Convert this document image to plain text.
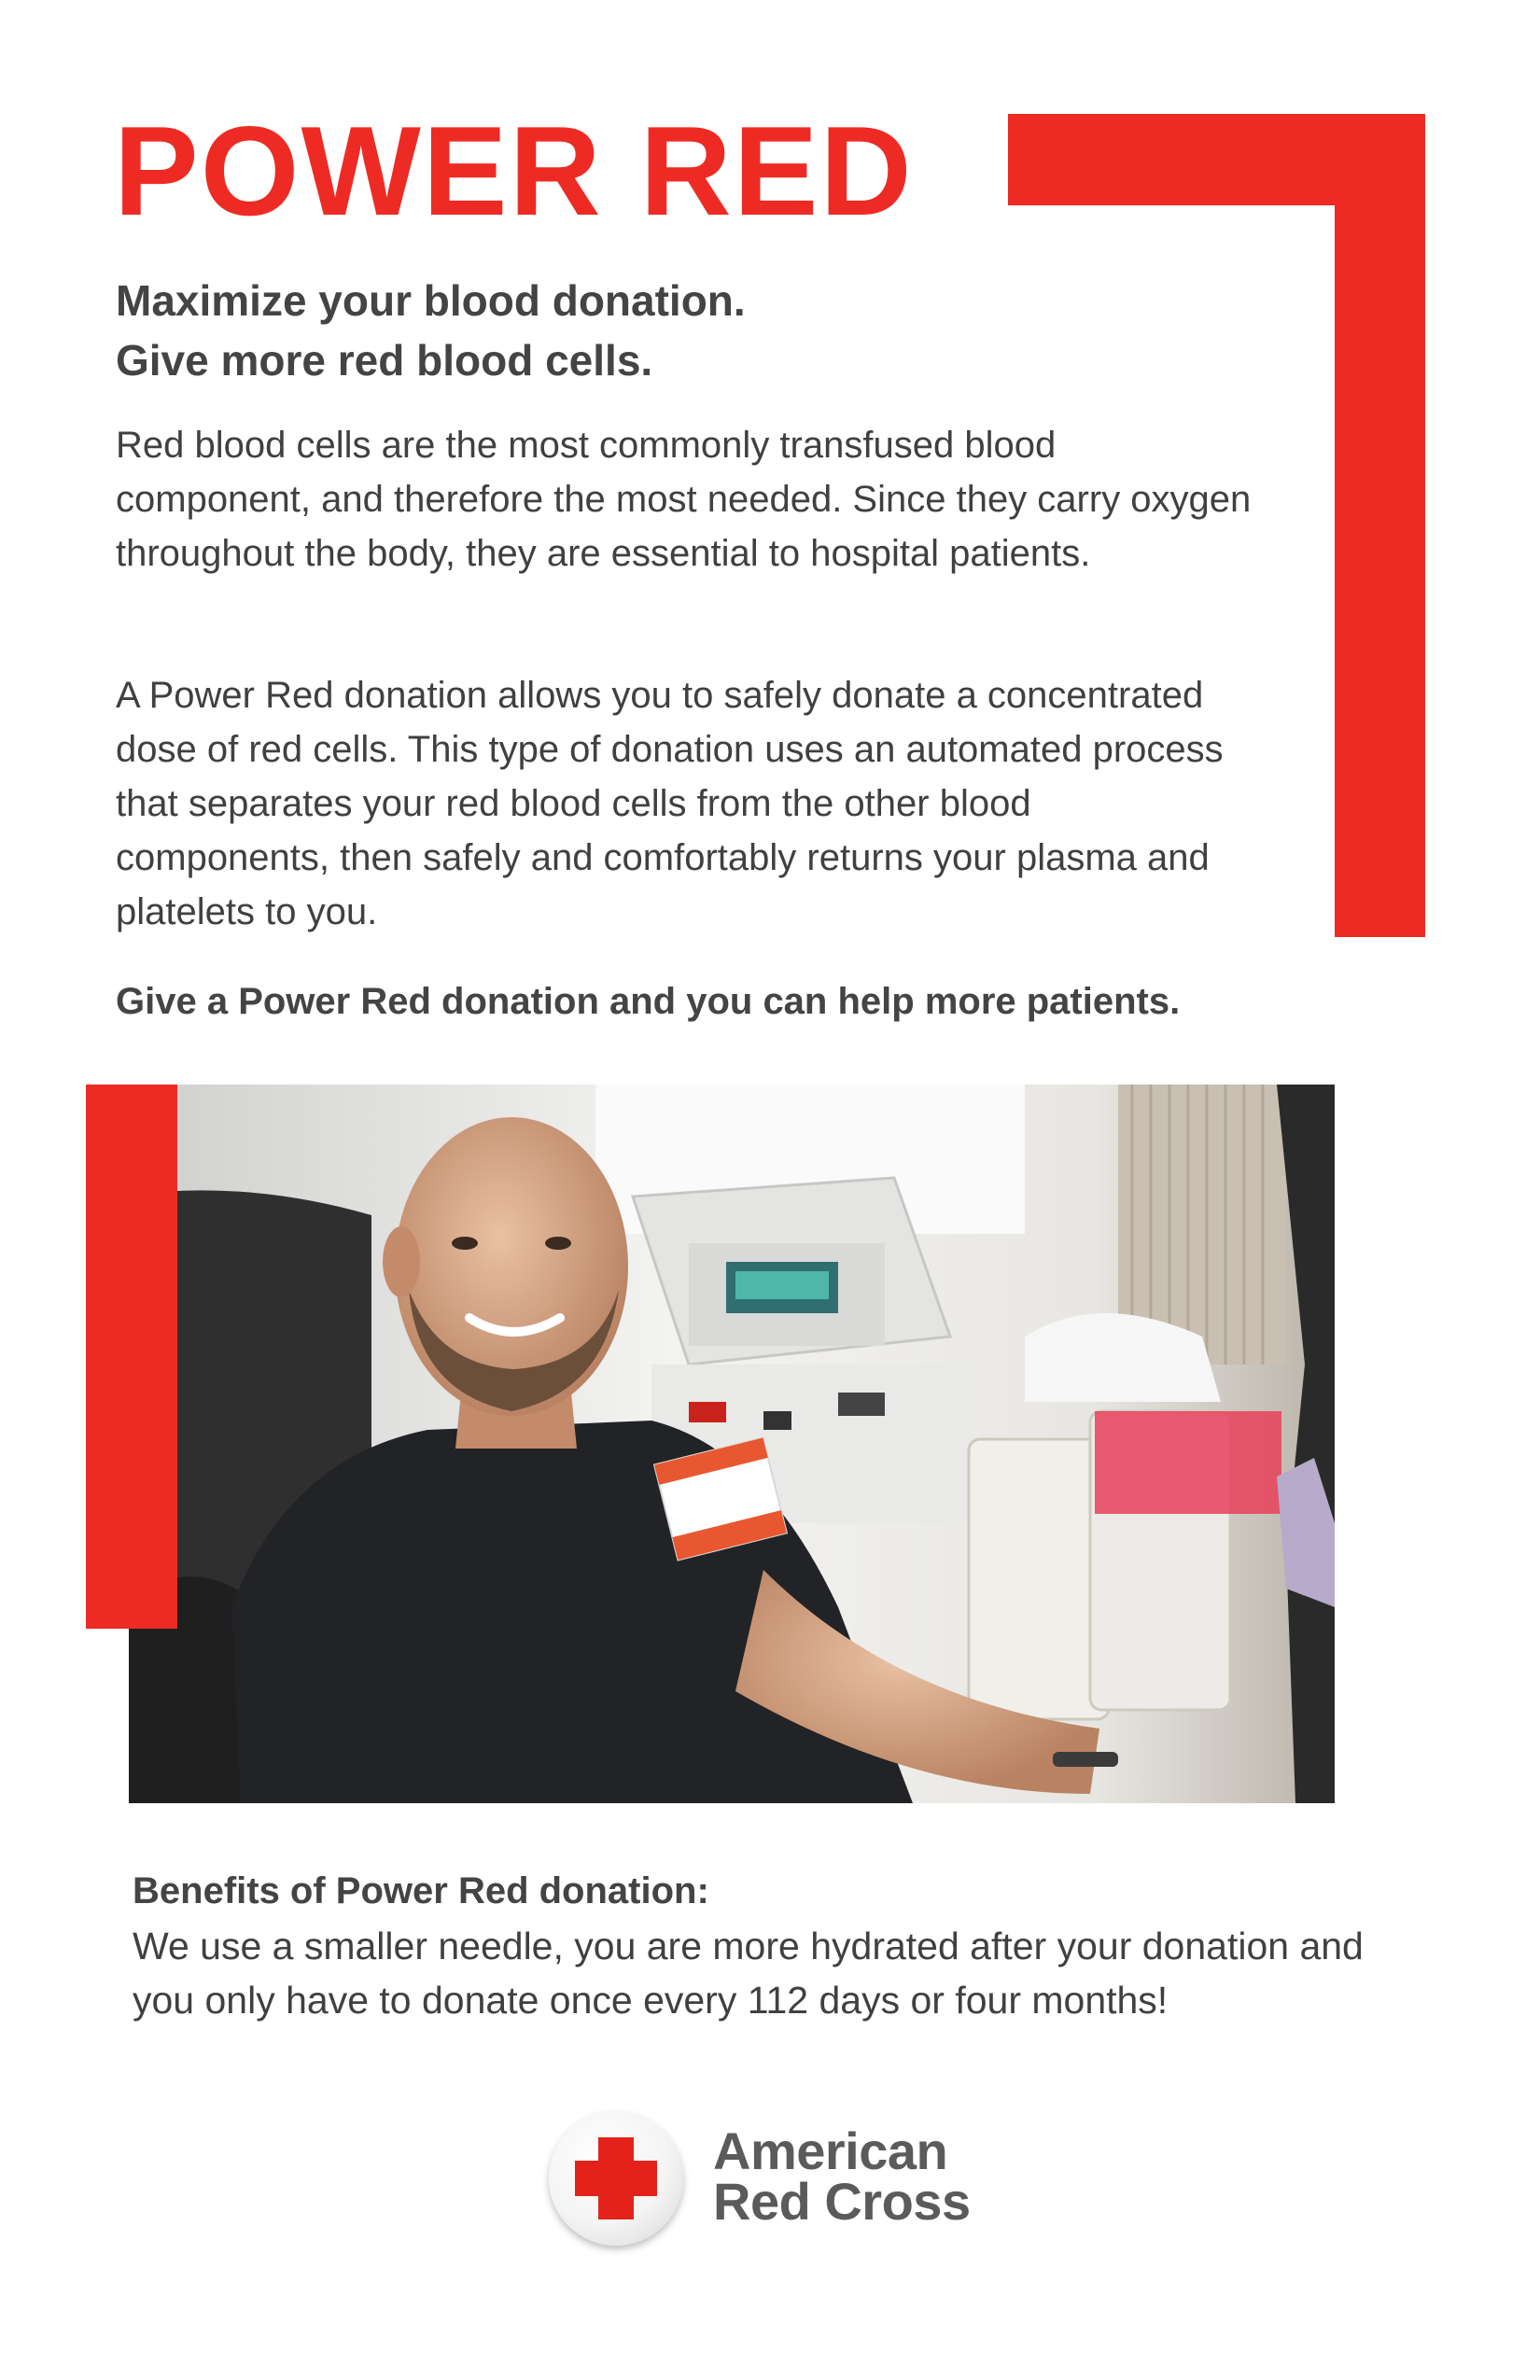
POWER RED
Maximize your blood donation.
Give more red blood cells.
Red blood cells are the most commonly transfused blood component, and therefore the most needed. Since they carry oxygen throughout the body, they are essential to hospital patients.
A Power Red donation allows you to safely donate a concentrated dose of red cells. This type of donation uses an automated process that separates your red blood cells from the other blood components, then safely and comfortably returns your plasma and platelets to you.
Give a Power Red donation and you can help more patients.
Benefits of Power Red donation:
We use a smaller needle, you are more hydrated after your donation and you only have to donate once every 112 days or four months!
American
Red Cross
